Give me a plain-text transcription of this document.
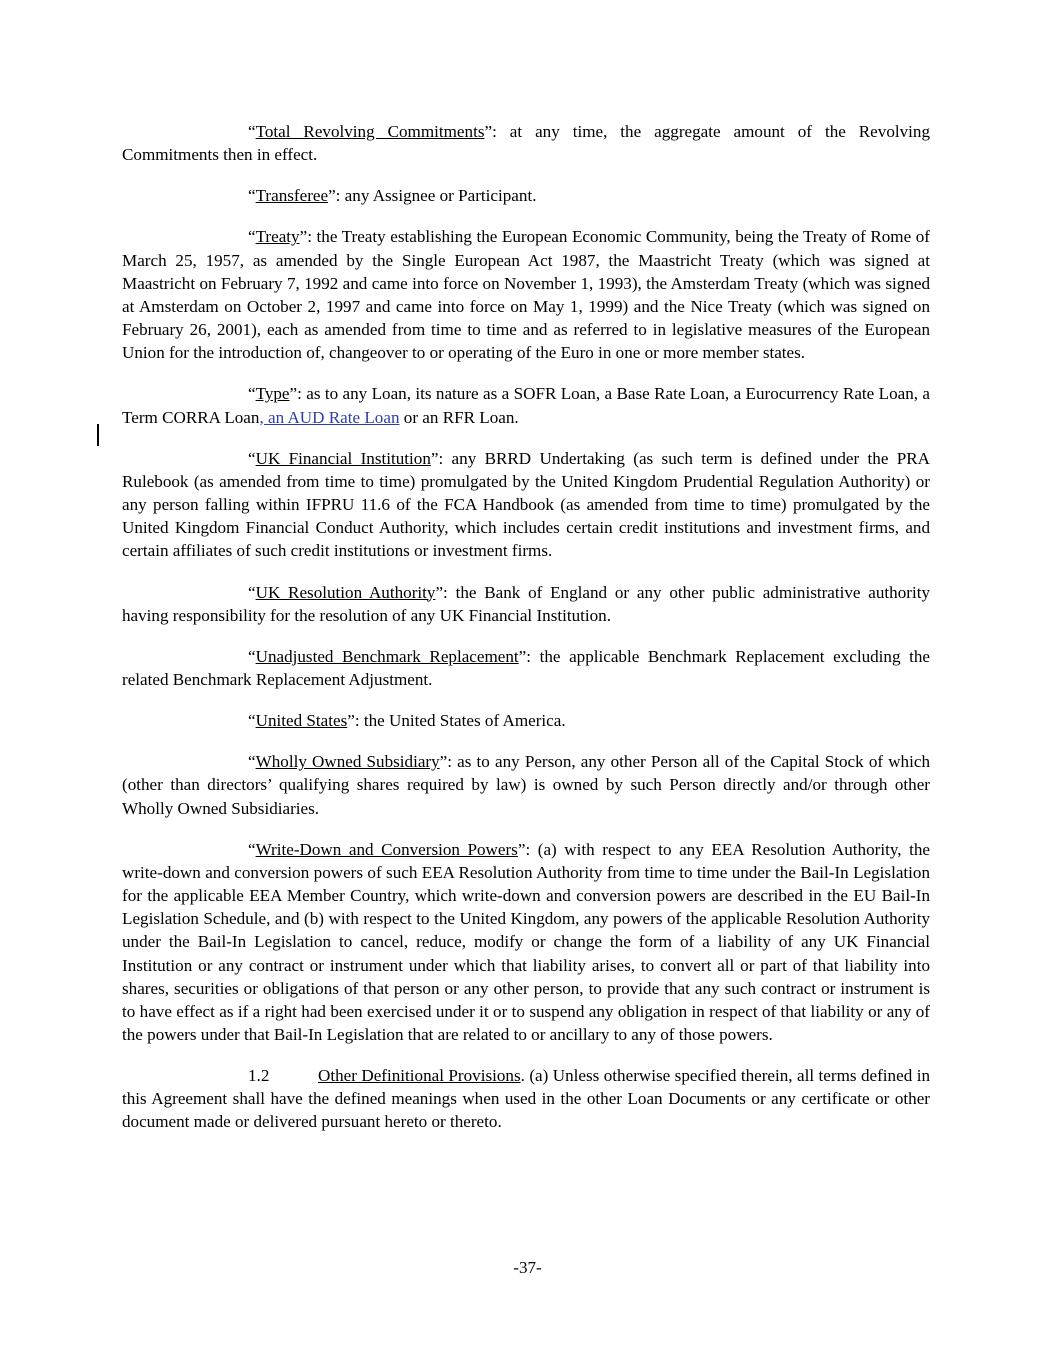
“Total Revolving Commitments”: at any time, the aggregate amount of the Revolving Commitments then in effect.

“Transferee”: any Assignee or Participant.

“Treaty”: the Treaty establishing the European Economic Community, being the Treaty of Rome of March 25, 1957, as amended by the Single European Act 1987, the Maastricht Treaty (which was signed at Maastricht on February 7, 1992 and came into force on November 1, 1993), the Amsterdam Treaty (which was signed at Amsterdam on October 2, 1997 and came into force on May 1, 1999) and the Nice Treaty (which was signed on February 26, 2001), each as amended from time to time and as referred to in legislative measures of the European Union for the introduction of, changeover to or operating of the Euro in one or more member states.

“Type”: as to any Loan, its nature as a SOFR Loan, a Base Rate Loan, a Eurocurrency Rate Loan, a Term CORRA Loan, an AUD Rate Loan or an RFR Loan.

“UK Financial Institution”: any BRRD Undertaking (as such term is defined under the PRA Rulebook (as amended from time to time) promulgated by the United Kingdom Prudential Regulation Authority) or any person falling within IFPRU 11.6 of the FCA Handbook (as amended from time to time) promulgated by the United Kingdom Financial Conduct Authority, which includes certain credit institutions and investment firms, and certain affiliates of such credit institutions or investment firms.

“UK Resolution Authority”: the Bank of England or any other public administrative authority having responsibility for the resolution of any UK Financial Institution.

“Unadjusted Benchmark Replacement”: the applicable Benchmark Replacement excluding the related Benchmark Replacement Adjustment.

“United States”: the United States of America.

“Wholly Owned Subsidiary”: as to any Person, any other Person all of the Capital Stock of which (other than directors’ qualifying shares required by law) is owned by such Person directly and/or through other Wholly Owned Subsidiaries.

“Write-Down and Conversion Powers”: (a) with respect to any EEA Resolution Authority, the write-down and conversion powers of such EEA Resolution Authority from time to time under the Bail-In Legislation for the applicable EEA Member Country, which write-down and conversion powers are described in the EU Bail-In Legislation Schedule, and (b) with respect to the United Kingdom, any powers of the applicable Resolution Authority under the Bail-In Legislation to cancel, reduce, modify or change the form of a liability of any UK Financial Institution or any contract or instrument under which that liability arises, to convert all or part of that liability into shares, securities or obligations of that person or any other person, to provide that any such contract or instrument is to have effect as if a right had been exercised under it or to suspend any obligation in respect of that liability or any of the powers under that Bail-In Legislation that are related to or ancillary to any of those powers.

1.2	Other Definitional Provisions. (a) Unless otherwise specified therein, all terms defined in this Agreement shall have the defined meanings when used in the other Loan Documents or any certificate or other document made or delivered pursuant hereto or thereto.

-37-
